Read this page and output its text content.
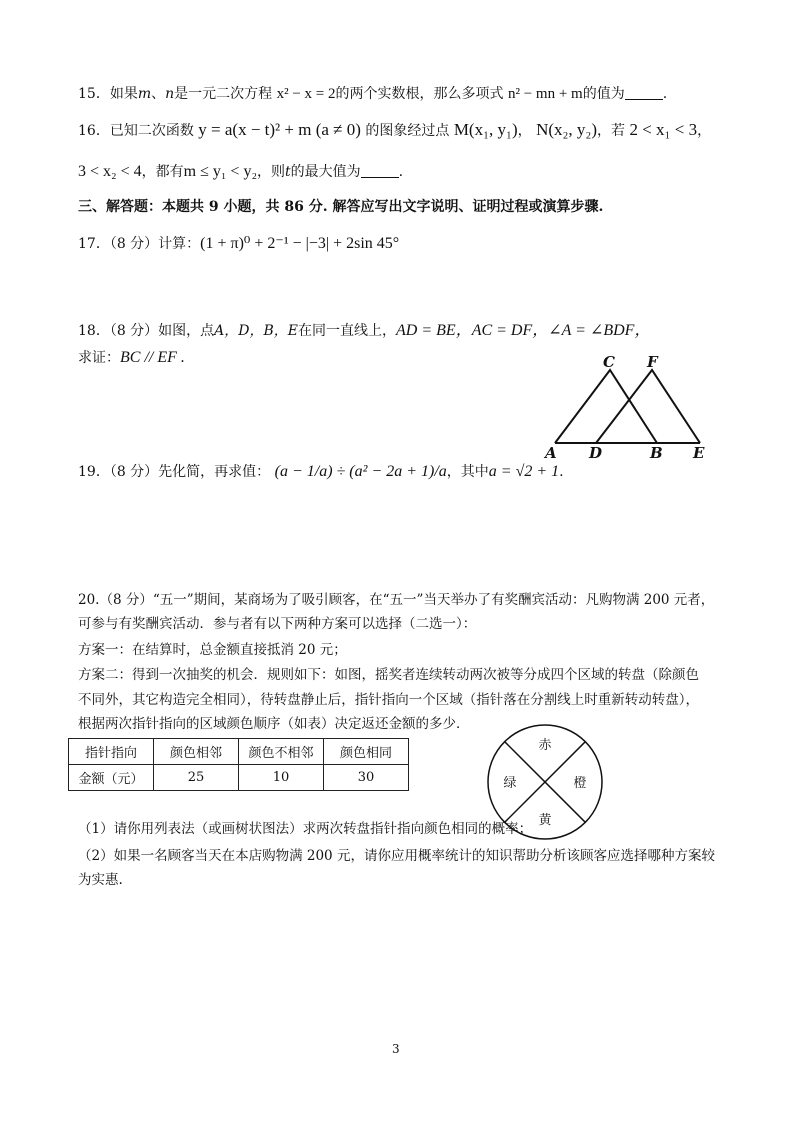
15．如果m、n是一元二次方程 x² − x = 2的两个实数根，那么多项式 n² − mn + m的值为	.
16．已知二次函数 y = a(x − t)² + m (a ≠ 0) 的图象经过点 M(x₁, y₁)， N(x₂, y₂)，若 2 < x₁ < 3，
3 < x₂ < 4，都有m ≤ y₁ < y₂，则t的最大值为	.
三、解答题：本题共 9 小题，共 86 分. 解答应写出文字说明、证明过程或演算步骤.
17．（8 分）计算：(1 + π)⁰ + 2⁻¹ − |−3| + 2sin 45°
18．（8 分）如图，点A，D，B，E在同一直线上，AD = BE，AC = DF，∠A = ∠BDF，
求证：BC // EF .	C F
A D	B E
19．（8 分）先化简，再求值： (a − 1/a) ÷ (a² − 2a + 1)/a，其中a = √2 + 1.
20.（8 分）“五一”期间，某商场为了吸引顾客，在“五一”当天举办了有奖酬宾活动：凡购物满 200 元者，
可参与有奖酬宾活动．参与者有以下两种方案可以选择（二选一）：
方案一：在结算时，总金额直接抵消 20 元；
方案二：得到一次抽奖的机会．规则如下：如图，摇奖者连续转动两次被等分成四个区域的转盘（除颜色
不同外，其它构造完全相同），待转盘静止后，指针指向一个区域（指针落在分割线上时重新转动转盘），
根据两次指针指向的区域颜色顺序（如表）决定返还金额的多少．
指针指向	颜色相邻	颜色不相邻	颜色相同
金额（元）	25	10	30
赤
橙
黄
绿
（1）请你用列表法（或画树状图法）求两次转盘指针指向颜色相同的概率；
（2）如果一名顾客当天在本店购物满 200 元，请你应用概率统计的知识帮助分析该顾客应选择哪种方案较
为实惠.
3
